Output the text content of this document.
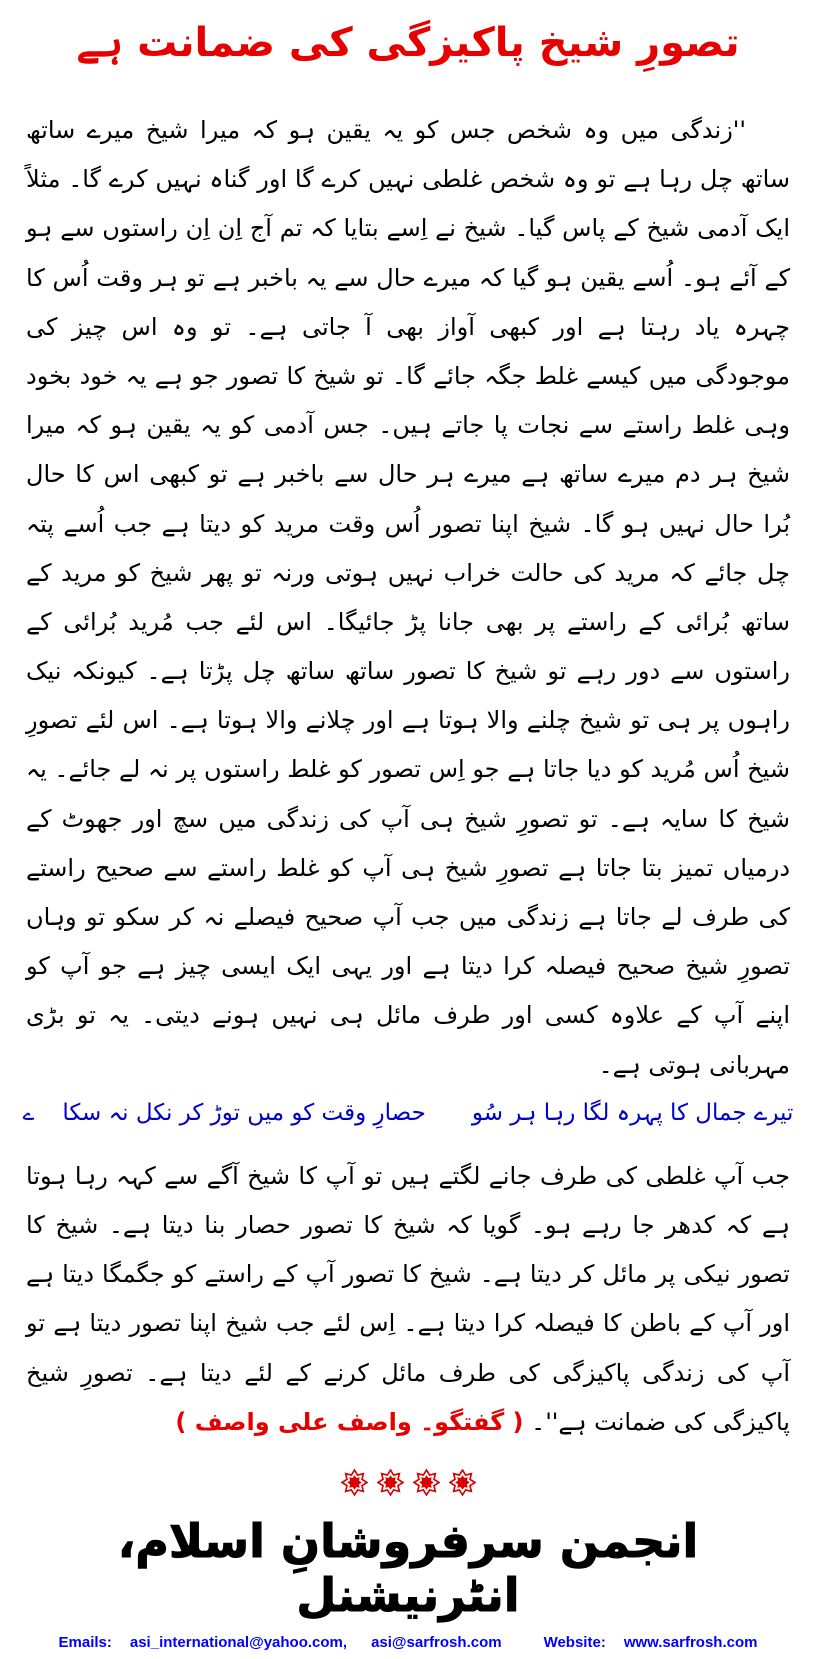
تصورِ شیخ پاکیزگی کی ضمانت ہے

''زندگی میں وہ شخص جس کو یہ یقین ہو کہ میرا شیخ میرے ساتھ ساتھ چل رہا ہے تو وہ شخص غلطی نہیں کرے گا اور گناہ نہیں کرے گا۔ مثلاً ایک آدمی شیخ کے پاس گیا۔ شیخ نے اِسے بتایا کہ تم آج اِن اِن راستوں سے ہو کے آئے ہو۔ اُسے یقین ہو گیا کہ میرے حال سے یہ باخبر ہے تو ہر وقت اُس کا چہرہ یاد رہتا ہے اور کبھی آواز بھی آ جاتی ہے۔ تو وہ اس چیز کی موجودگی میں کیسے غلط جگہ جائے گا۔ تو شیخ کا تصور جو ہے یہ خود بخود وہی غلط راستے سے نجات پا جاتے ہیں۔ جس آدمی کو یہ یقین ہو کہ میرا شیخ ہر دم میرے ساتھ ہے میرے ہر حال سے باخبر ہے تو کبھی اس کا حال بُرا حال نہیں ہو گا۔ شیخ اپنا تصور اُس وقت مرید کو دیتا ہے جب اُسے پتہ چل جائے کہ مرید کی حالت خراب نہیں ہوتی ورنہ تو پھر شیخ کو مرید کے ساتھ بُرائی کے راستے پر بھی جانا پڑ جائیگا۔ اس لئے جب مُرید بُرائی کے راستوں سے دور رہے تو شیخ کا تصور ساتھ ساتھ چل پڑتا ہے۔ کیونکہ نیک راہوں پر ہی تو شیخ چلنے والا ہوتا ہے اور چلانے والا ہوتا ہے۔ اس لئے تصورِ شیخ اُس مُرید کو دیا جاتا ہے جو اِس تصور کو غلط راستوں پر نہ لے جائے۔ یہ شیخ کا سایہ ہے۔ تو تصورِ شیخ ہی آپ کی زندگی میں سچ اور جھوٹ کے درمیاں تمیز بتا جاتا ہے تصورِ شیخ ہی آپ کو غلط راستے سے صحیح راستے کی طرف لے جاتا ہے زندگی میں جب آپ صحیح فیصلے نہ کر سکو تو وہاں تصورِ شیخ صحیح فیصلہ کرا دیتا ہے اور یہی ایک ایسی چیز ہے جو آپ کو اپنے آپ کے علاوہ کسی اور طرف مائل ہی نہیں ہونے دیتی۔ یہ تو بڑی مہربانی ہوتی ہے۔

ے حصارِ وقت کو میں توڑ کر نکل نہ سکا تیرے جمال کا پہرہ لگا رہا ہر سُو

جب آپ غلطی کی طرف جانے لگتے ہیں تو آپ کا شیخ آگے سے کہہ رہا ہوتا ہے کہ کدھر جا رہے ہو۔ گویا کہ شیخ کا تصور حصار بنا دیتا ہے۔ شیخ کا تصور نیکی پر مائل کر دیتا ہے۔ شیخ کا تصور آپ کے راستے کو جگمگا دیتا ہے اور آپ کے باطن کا فیصلہ کرا دیتا ہے۔ اِس لئے جب شیخ اپنا تصور دیتا ہے تو آپ کی زندگی پاکیزگی کی طرف مائل کرنے کے لئے دیتا ہے۔ تصورِ شیخ پاکیزگی کی ضمانت ہے''۔ ( گفتگو۔ واصف علی واصف )

انجمن سرفروشانِ اسلام، انٹرنیشنل
Emails: asi_international@yahoo.com, asi@sarfrosh.com	Website: www.sarfrosh.com
